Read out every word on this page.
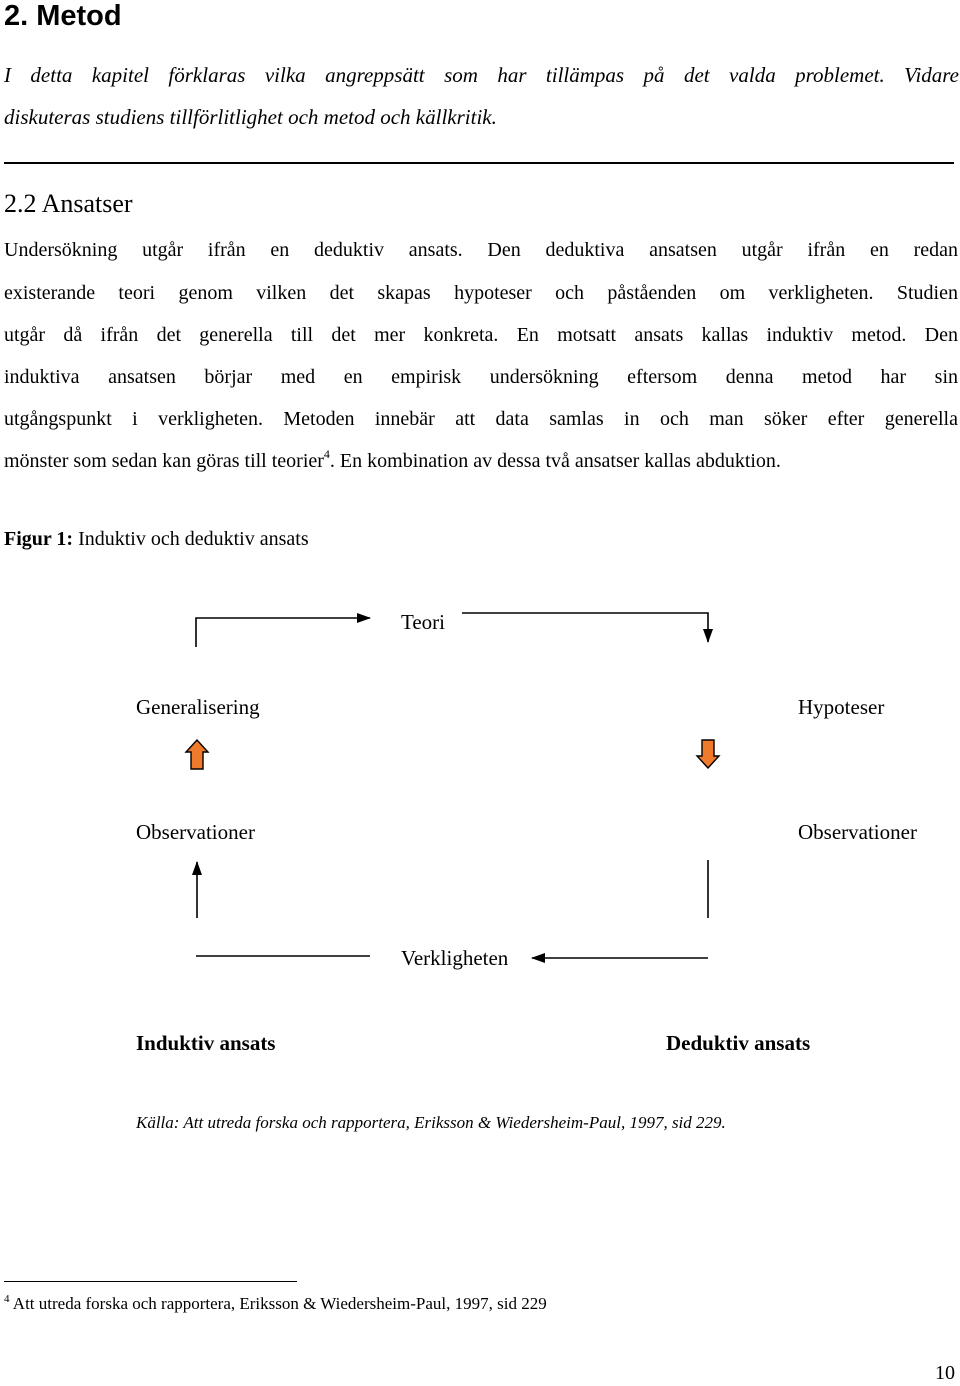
2. Metod
I detta kapitel förklaras vilka angreppsätt som har tillämpas på det valda problemet. Vidare
diskuteras studiens tillförlitlighet och metod och källkritik.
2.2 Ansatser
Undersökning utgår ifrån en deduktiv ansats. Den deduktiva ansatsen utgår ifrån en redan
existerande teori genom vilken det skapas hypoteser och påståenden om verkligheten. Studien
utgår då ifrån det generella till det mer konkreta. En motsatt ansats kallas induktiv metod. Den
induktiva ansatsen börjar med en empirisk undersökning eftersom denna metod har sin
utgångspunkt i verkligheten. Metoden innebär att data samlas in och man söker efter generella
mönster som sedan kan göras till teorier$^4$. En kombination av dessa två ansatser kallas abduktion.
Figur 1: Induktiv och deduktiv ansats
Teori
Generalisering	Hypoteser
Observationer	Observationer
Verkligheten
Induktiv ansats	Deduktiv ansats
Källa: Att utreda forska och rapportera, Eriksson & Wiedersheim-Paul, 1997, sid 229.
$^4$ Att utreda forska och rapportera, Eriksson & Wiedersheim-Paul, 1997, sid 229
10
